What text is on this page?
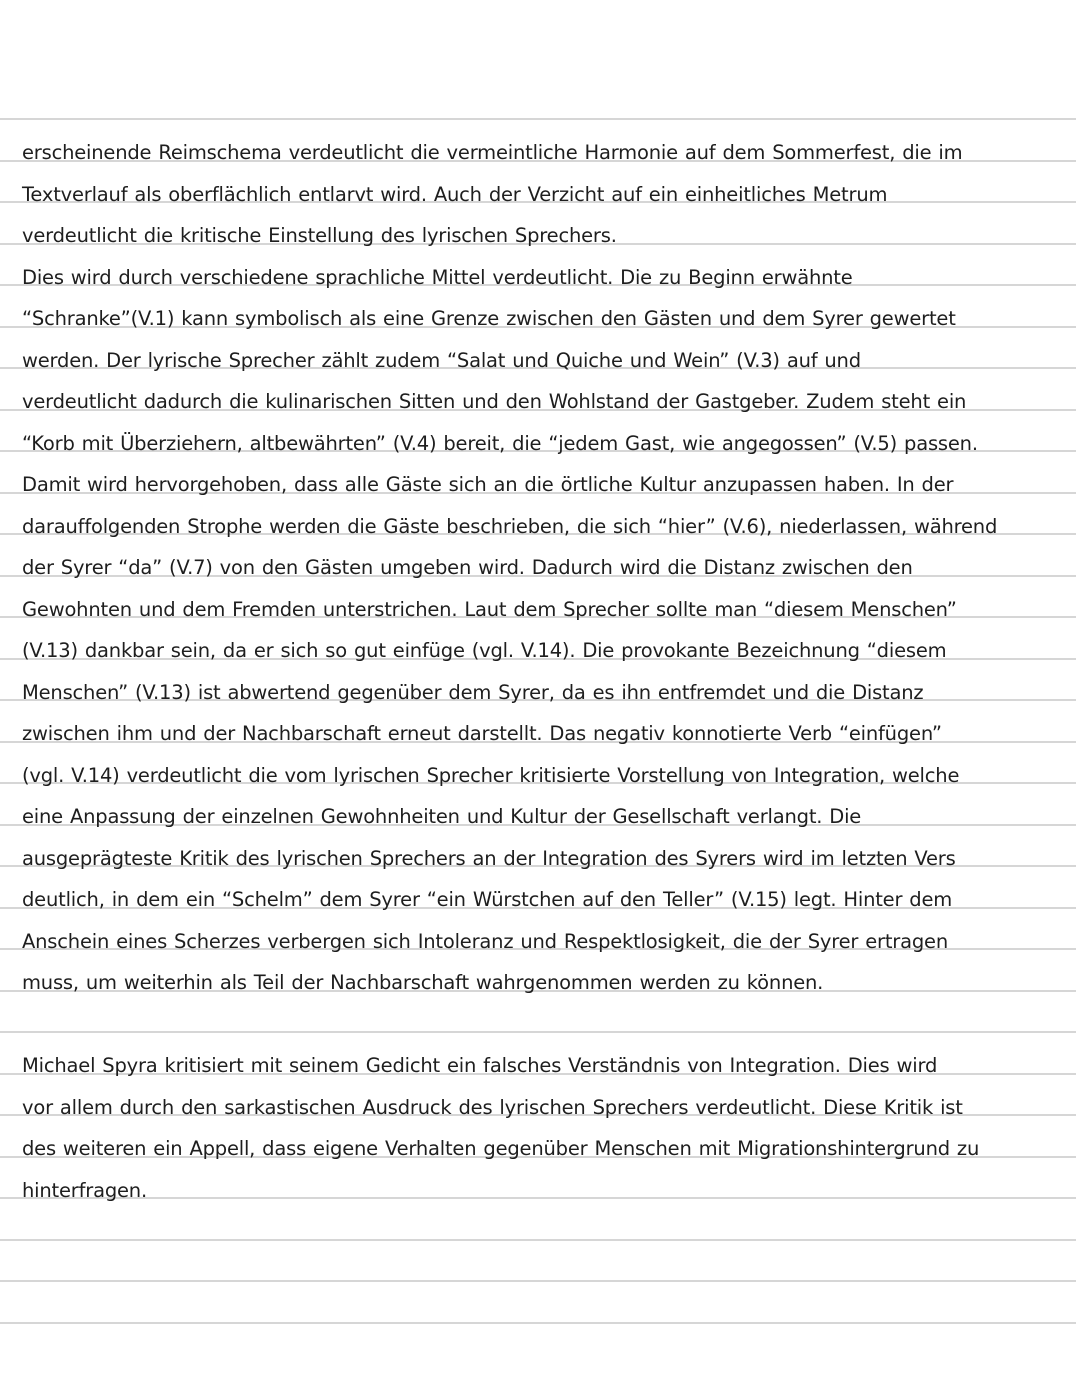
erscheinende Reimschema verdeutlicht die vermeintliche Harmonie auf dem Sommerfest, die im
Textverlauf als oberflächlich entlarvt wird. Auch der Verzicht auf ein einheitliches Metrum
verdeutlicht die kritische Einstellung des lyrischen Sprechers.
Dies wird durch verschiedene sprachliche Mittel verdeutlicht. Die zu Beginn erwähnte
“Schranke”(V.1) kann symbolisch als eine Grenze zwischen den Gästen und dem Syrer gewertet
werden. Der lyrische Sprecher zählt zudem “Salat und Quiche und Wein” (V.3) auf und
verdeutlicht dadurch die kulinarischen Sitten und den Wohlstand der Gastgeber. Zudem steht ein
“Korb mit Überziehern, altbewährten” (V.4) bereit, die “jedem Gast, wie angegossen” (V.5) passen.
Damit wird hervorgehoben, dass alle Gäste sich an die örtliche Kultur anzupassen haben. In der
darauffolgenden Strophe werden die Gäste beschrieben, die sich “hier” (V.6), niederlassen, während
der Syrer “da” (V.7) von den Gästen umgeben wird. Dadurch wird die Distanz zwischen den
Gewohnten und dem Fremden unterstrichen. Laut dem Sprecher sollte man “diesem Menschen”
(V.13) dankbar sein, da er sich so gut einfüge (vgl. V.14). Die provokante Bezeichnung “diesem
Menschen” (V.13) ist abwertend gegenüber dem Syrer, da es ihn entfremdet und die Distanz
zwischen ihm und der Nachbarschaft erneut darstellt. Das negativ konnotierte Verb “einfügen”
(vgl. V.14) verdeutlicht die vom lyrischen Sprecher kritisierte Vorstellung von Integration, welche
eine Anpassung der einzelnen Gewohnheiten und Kultur der Gesellschaft verlangt. Die
ausgeprägteste Kritik des lyrischen Sprechers an der Integration des Syrers wird im letzten Vers
deutlich, in dem ein “Schelm” dem Syrer “ein Würstchen auf den Teller” (V.15) legt. Hinter dem
Anschein eines Scherzes verbergen sich Intoleranz und Respektlosigkeit, die der Syrer ertragen
muss, um weiterhin als Teil der Nachbarschaft wahrgenommen werden zu können.
Michael Spyra kritisiert mit seinem Gedicht ein falsches Verständnis von Integration. Dies wird
vor allem durch den sarkastischen Ausdruck des lyrischen Sprechers verdeutlicht. Diese Kritik ist
des weiteren ein Appell, dass eigene Verhalten gegenüber Menschen mit Migrationshintergrund zu
hinterfragen.
